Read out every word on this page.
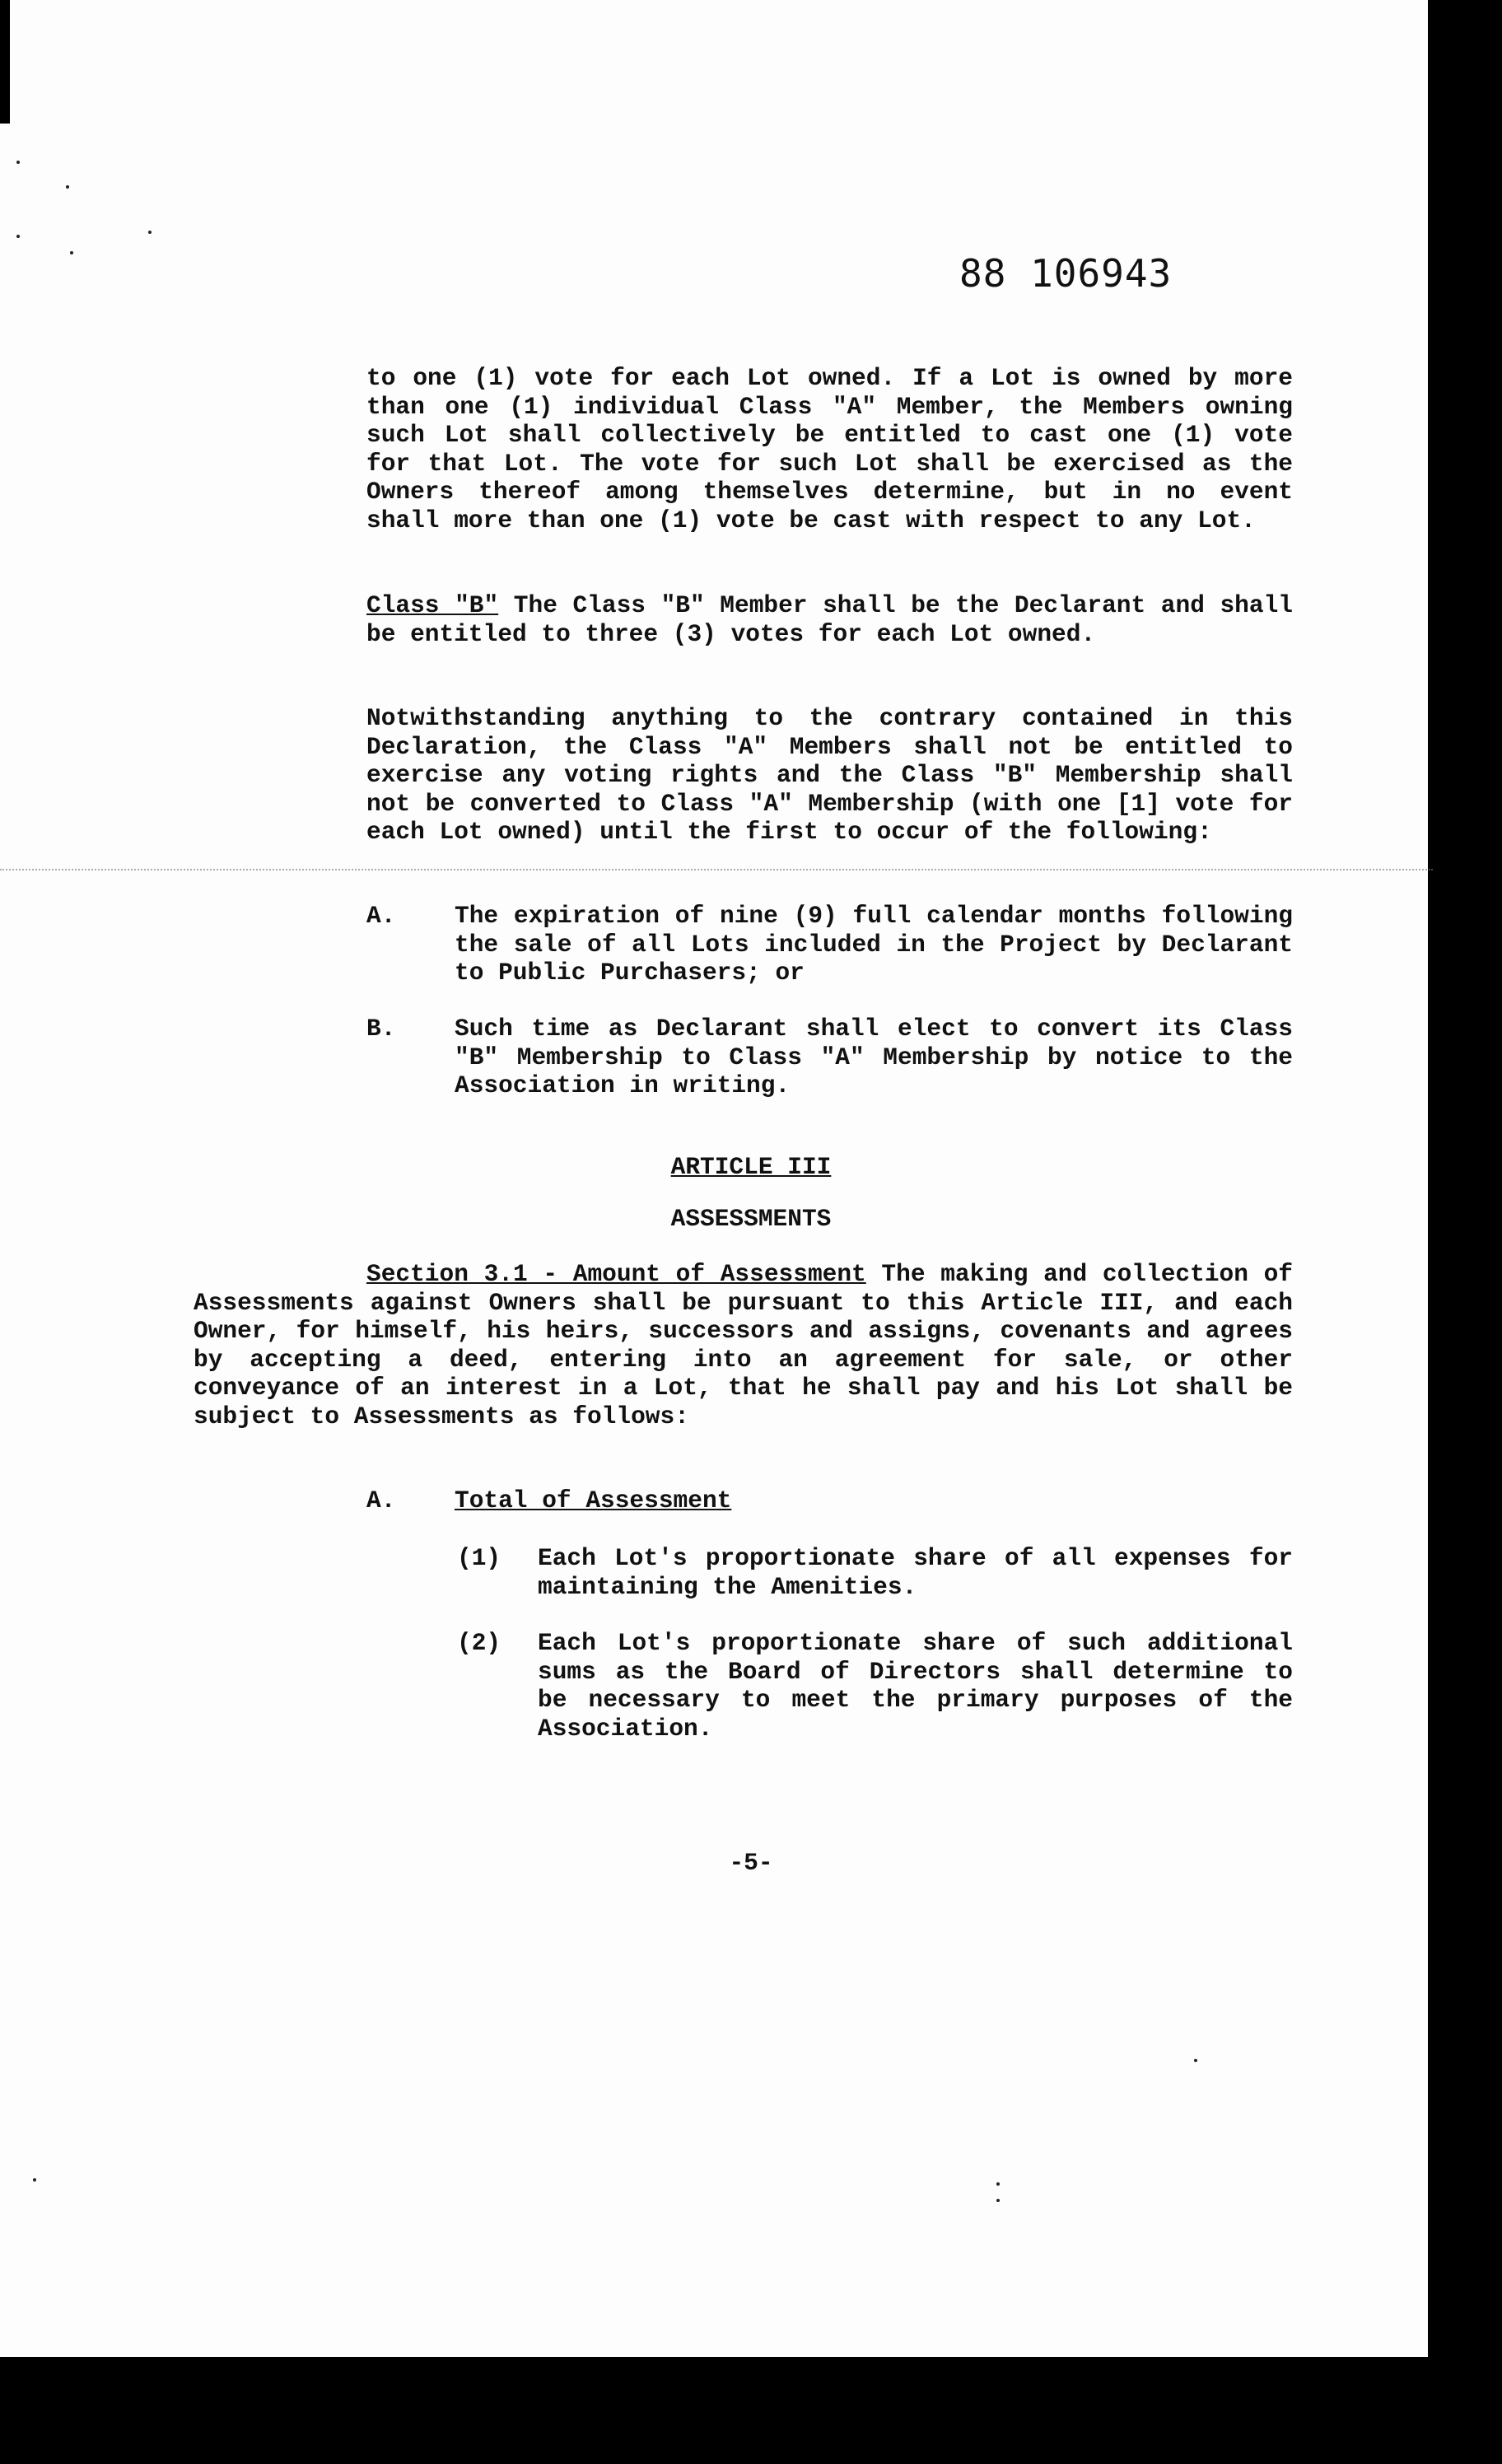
88 106943

to one (1) vote for each Lot owned. If a Lot is owned by more than one (1) individual Class "A" Member, the Members owning such Lot shall collectively be entitled to cast one (1) vote for that Lot. The vote for such Lot shall be exercised as the Owners thereof among themselves determine, but in no event shall more than one (1) vote be cast with respect to any Lot.

Class "B" The Class "B" Member shall be the Declarant and shall be entitled to three (3) votes for each Lot owned.

Notwithstanding anything to the contrary contained in this Declaration, the Class "A" Members shall not be entitled to exercise any voting rights and the Class "B" Membership shall not be converted to Class "A" Membership (with one [1] vote for each Lot owned) until the first to occur of the following:

A. The expiration of nine (9) full calendar months following the sale of all Lots included in the Project by Declarant to Public Purchasers; or
B. Such time as Declarant shall elect to convert its Class "B" Membership to Class "A" Membership by notice to the Association in writing.
ARTICLE III
ASSESSMENTS

Section 3.1 - Amount of Assessment The making and collection of Assessments against Owners shall be pursuant to this Article III, and each Owner, for himself, his heirs, successors and assigns, covenants and agrees by accepting a deed, entering into an agreement for sale, or other conveyance of an interest in a Lot, that he shall pay and his Lot shall be subject to Assessments as follows:

A. Total of Assessment
(1) Each Lot's proportionate share of all expenses for maintaining the Amenities.
(2) Each Lot's proportionate share of such additional sums as the Board of Directors shall determine to be necessary to meet the primary purposes of the Association.
-5-
